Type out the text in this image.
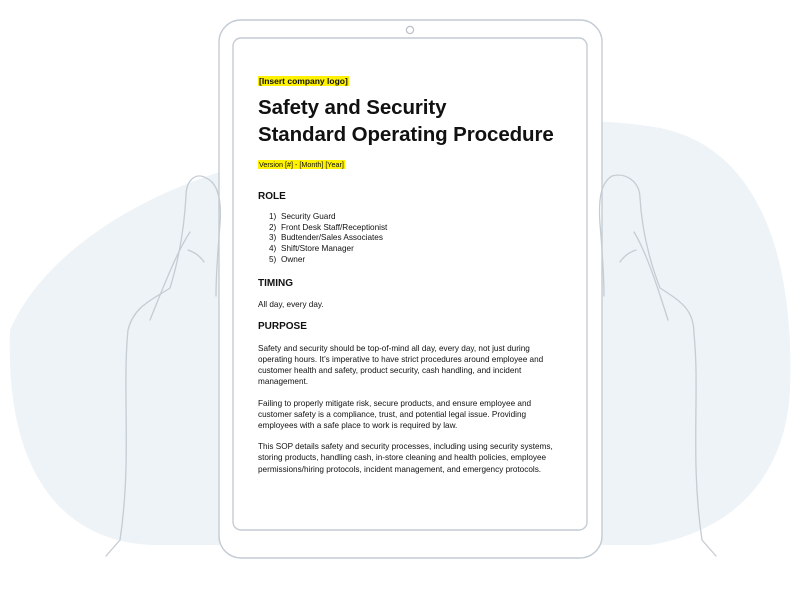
[Insert company logo]

Safety and Security
Standard Operating Procedure

Version [#] - [Month] [Year]

ROLE
1) Security Guard
2) Front Desk Staff/Receptionist
3) Budtender/Sales Associates
4) Shift/Store Manager
5) Owner
TIMING

All day, every day.

PURPOSE

Safety and security should be top-of-mind all day, every day, not just during operating hours. It’s imperative to have strict procedures around employee and customer health and safety, product security, cash handling, and incident management.

Failing to properly mitigate risk, secure products, and ensure employee and customer safety is a compliance, trust, and potential legal issue. Providing employees with a safe place to work is required by law.

This SOP details safety and security processes, including using security systems, storing products, handling cash, in-store cleaning and health policies, employee permissions/hiring protocols, incident management, and emergency protocols.
